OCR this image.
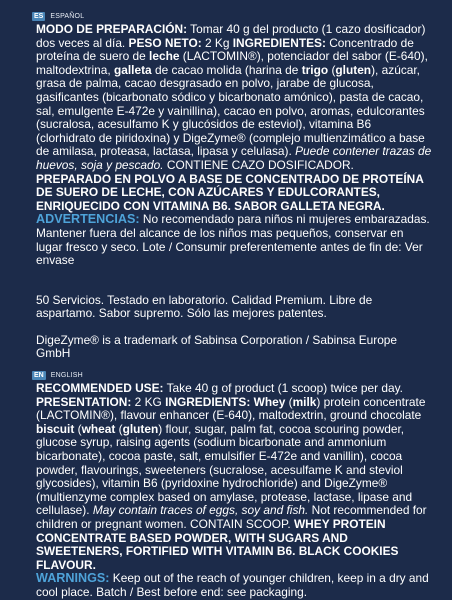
ES ESPAÑOL

MODO DE PREPARACIÓN: Tomar 40 g del producto (1 cazo dosificador) dos veces al día. PESO NETO: 2 Kg INGREDIENTES: Concentrado de proteína de suero de leche (LACTOMIN®), potenciador del sabor (E-640), maltodextrina, galleta de cacao molida (harina de trigo (gluten), azúcar, grasa de palma, cacao desgrasado en polvo, jarabe de glucosa, gasificantes (bicarbonato sódico y bicarbonato amónico), pasta de cacao, sal, emulgente E-472e y vainillina), cacao en polvo, aromas, edulcorantes (sucralosa, acesulfamo K y glucósidos de esteviol), vitamina B6 (clorhidrato de piridoxina) y DigeZyme® (complejo multienzimático a base de amilasa, proteasa, lactasa, lipasa y celulasa). Puede contener trazas de huevos, soja y pescado. CONTIENE CAZO DOSIFICADOR.

PREPARADO EN POLVO A BASE DE CONCENTRADO DE PROTEÍNA DE SUERO DE LECHE, CON AZÚCARES Y EDULCORANTES, ENRIQUECIDO CON VITAMINA B6. SABOR GALLETA NEGRA.

ADVERTENCIAS: No recomendado para niños ni mujeres embarazadas. Mantener fuera del alcance de los niños mas pequeños, conservar en lugar fresco y seco. Lote / Consumir preferentemente antes de fin de: Ver envase

50 Servicios. Testado en laboratorio. Calidad Premium. Libre de aspartamo. Sabor supremo. Sólo las mejores patentes.

DigeZyme® is a trademark of Sabinsa Corporation / Sabinsa Europe GmbH

EN ENGLISH

RECOMMENDED USE: Take 40 g of product (1 scoop) twice per day. PRESENTATION: 2 KG INGREDIENTS: Whey (milk) protein concentrate (LACTOMIN®), flavour enhancer (E-640), maltodextrin, ground chocolate biscuit (wheat (gluten) flour, sugar, palm fat, cocoa scouring powder, glucose syrup, raising agents (sodium bicarbonate and ammonium bicarbonate), cocoa paste, salt, emulsifier E-472e and vanillin), cocoa powder, flavourings, sweeteners (sucralose, acesulfame K and steviol glycosides), vitamin B6 (pyridoxine hydrochloride) and DigeZyme® (multienzyme complex based on amylase, protease, lactase, lipase and cellulase). May contain traces of eggs, soy and fish. Not recommended for children or pregnant women. CONTAIN SCOOP. WHEY PROTEIN CONCENTRATE BASED POWDER, WITH SUGARS AND SWEETENERS, FORTIFIED WITH VITAMIN B6. BLACK COOKIES FLAVOUR.

WARNINGS: Keep out of the reach of younger children, keep in a dry and cool place. Batch / Best before end: see packaging.
